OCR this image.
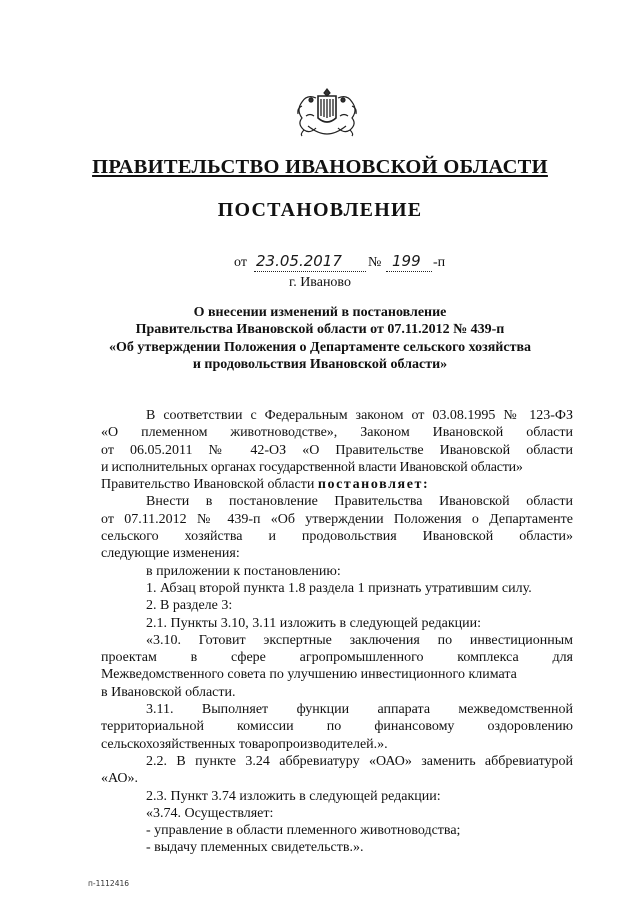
ПРАВИТЕЛЬСТВО ИВАНОВСКОЙ ОБЛАСТИ
ПОСТАНОВЛЕНИЕ
от 23.05.2017 № 199 -п
г. Иваново
О внесении изменений в постановление
Правительства Ивановской области от 07.11.2012 № 439-п
«Об утверждении Положения о Департаменте сельского хозяйства
и продовольствия Ивановской области»
В соответствии с Федеральным законом от 03.08.1995 № 123-ФЗ
«О племенном животноводстве», Законом Ивановской области
от 06.05.2011 № 42-ОЗ «О Правительстве Ивановской области
и исполнительных органах государственной власти Ивановской области»
Правительство Ивановской области постановляет:
Внести в постановление Правительства Ивановской области
от 07.11.2012 № 439-п «Об утверждении Положения о Департаменте
сельского хозяйства и продовольствия Ивановской области»
следующие изменения:
в приложении к постановлению:
1. Абзац второй пункта 1.8 раздела 1 признать утратившим силу.
2. В разделе 3:
2.1. Пункты 3.10, 3.11 изложить в следующей редакции:
«3.10. Готовит экспертные заключения по инвестиционным
проектам в сфере агропромышленного комплекса для
Межведомственного совета по улучшению инвестиционного климата
в Ивановской области.
3.11. Выполняет функции аппарата межведомственной
территориальной комиссии по финансовому оздоровлению
сельскохозяйственных товаропроизводителей.».
2.2. В пункте 3.24 аббревиатуру «ОАО» заменить аббревиатурой
«АО».
2.3. Пункт 3.74 изложить в следующей редакции:
«3.74. Осуществляет:
- управление в области племенного животноводства;
- выдачу племенных свидетельств.».
п-1112416
